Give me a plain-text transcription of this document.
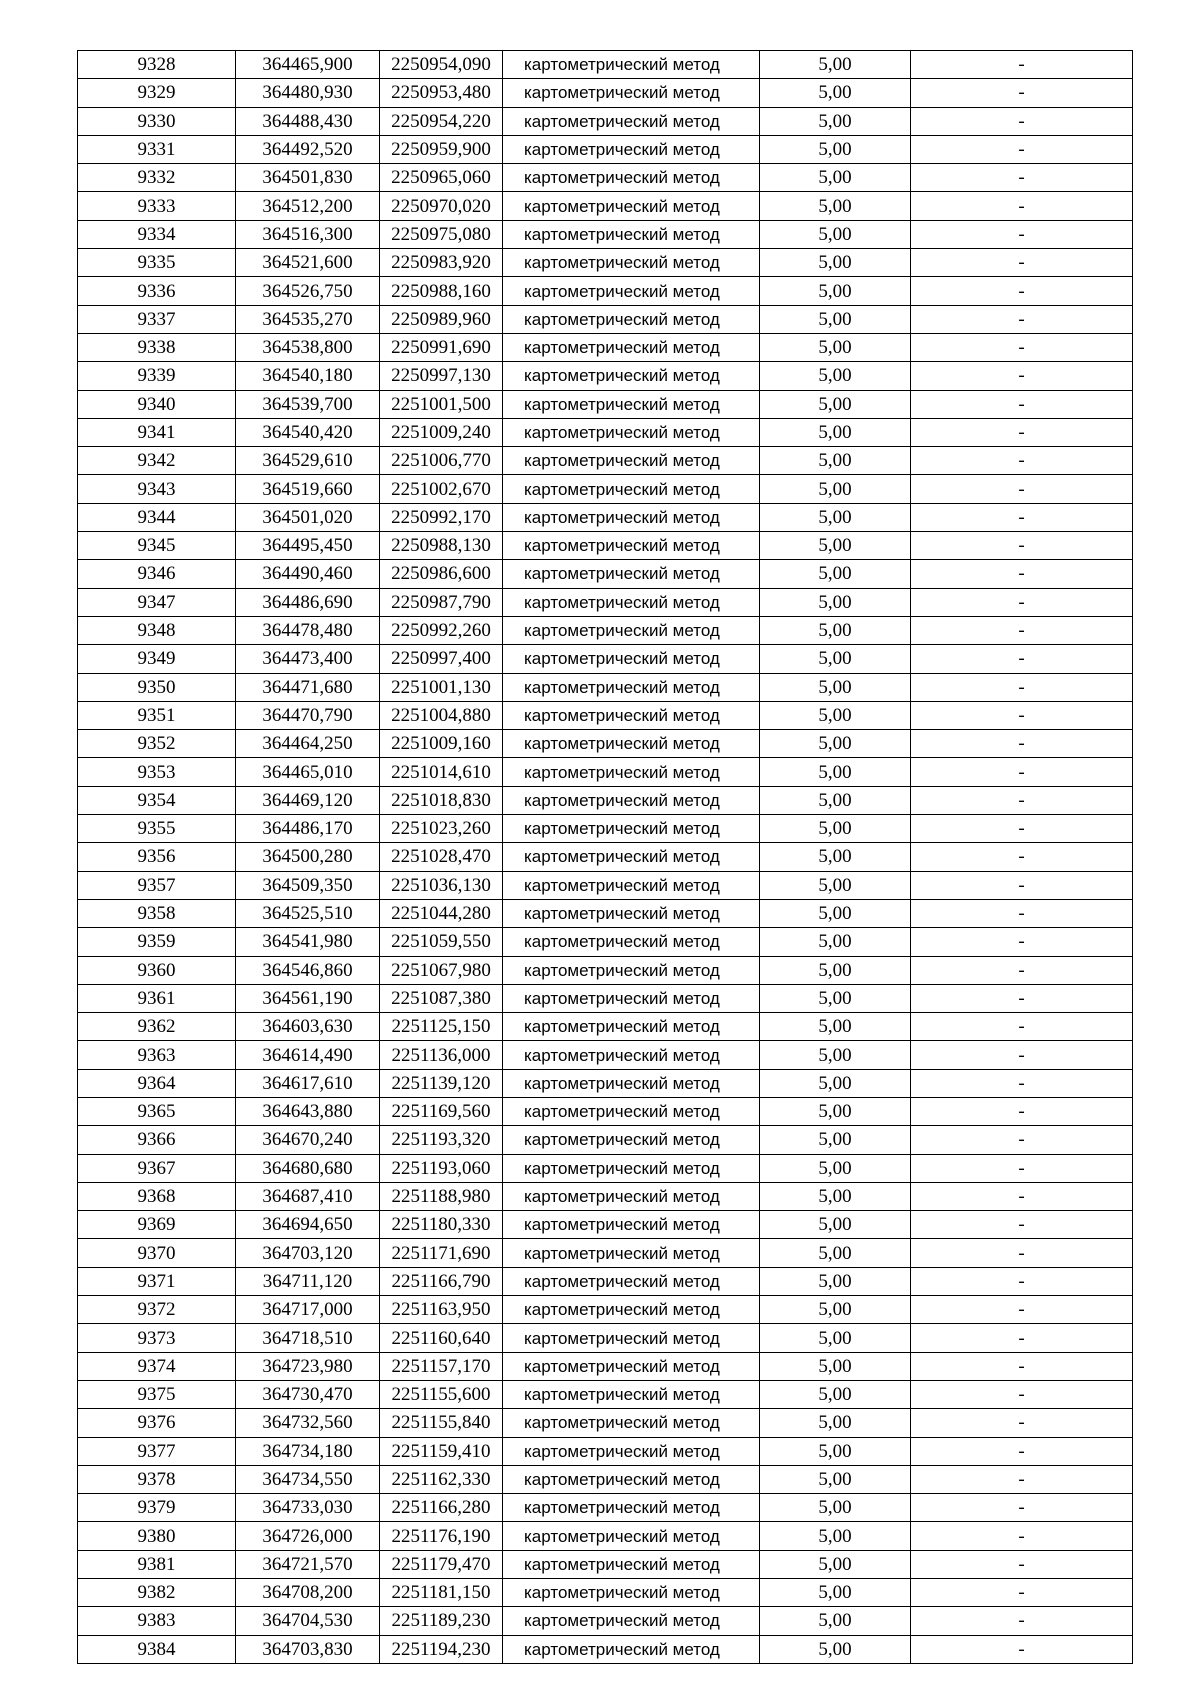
9328	364465,900	2250954,090	картометрический метод	5,00	-
9329	364480,930	2250953,480	картометрический метод	5,00	-
9330	364488,430	2250954,220	картометрический метод	5,00	-
9331	364492,520	2250959,900	картометрический метод	5,00	-
9332	364501,830	2250965,060	картометрический метод	5,00	-
9333	364512,200	2250970,020	картометрический метод	5,00	-
9334	364516,300	2250975,080	картометрический метод	5,00	-
9335	364521,600	2250983,920	картометрический метод	5,00	-
9336	364526,750	2250988,160	картометрический метод	5,00	-
9337	364535,270	2250989,960	картометрический метод	5,00	-
9338	364538,800	2250991,690	картометрический метод	5,00	-
9339	364540,180	2250997,130	картометрический метод	5,00	-
9340	364539,700	2251001,500	картометрический метод	5,00	-
9341	364540,420	2251009,240	картометрический метод	5,00	-
9342	364529,610	2251006,770	картометрический метод	5,00	-
9343	364519,660	2251002,670	картометрический метод	5,00	-
9344	364501,020	2250992,170	картометрический метод	5,00	-
9345	364495,450	2250988,130	картометрический метод	5,00	-
9346	364490,460	2250986,600	картометрический метод	5,00	-
9347	364486,690	2250987,790	картометрический метод	5,00	-
9348	364478,480	2250992,260	картометрический метод	5,00	-
9349	364473,400	2250997,400	картометрический метод	5,00	-
9350	364471,680	2251001,130	картометрический метод	5,00	-
9351	364470,790	2251004,880	картометрический метод	5,00	-
9352	364464,250	2251009,160	картометрический метод	5,00	-
9353	364465,010	2251014,610	картометрический метод	5,00	-
9354	364469,120	2251018,830	картометрический метод	5,00	-
9355	364486,170	2251023,260	картометрический метод	5,00	-
9356	364500,280	2251028,470	картометрический метод	5,00	-
9357	364509,350	2251036,130	картометрический метод	5,00	-
9358	364525,510	2251044,280	картометрический метод	5,00	-
9359	364541,980	2251059,550	картометрический метод	5,00	-
9360	364546,860	2251067,980	картометрический метод	5,00	-
9361	364561,190	2251087,380	картометрический метод	5,00	-
9362	364603,630	2251125,150	картометрический метод	5,00	-
9363	364614,490	2251136,000	картометрический метод	5,00	-
9364	364617,610	2251139,120	картометрический метод	5,00	-
9365	364643,880	2251169,560	картометрический метод	5,00	-
9366	364670,240	2251193,320	картометрический метод	5,00	-
9367	364680,680	2251193,060	картометрический метод	5,00	-
9368	364687,410	2251188,980	картометрический метод	5,00	-
9369	364694,650	2251180,330	картометрический метод	5,00	-
9370	364703,120	2251171,690	картометрический метод	5,00	-
9371	364711,120	2251166,790	картометрический метод	5,00	-
9372	364717,000	2251163,950	картометрический метод	5,00	-
9373	364718,510	2251160,640	картометрический метод	5,00	-
9374	364723,980	2251157,170	картометрический метод	5,00	-
9375	364730,470	2251155,600	картометрический метод	5,00	-
9376	364732,560	2251155,840	картометрический метод	5,00	-
9377	364734,180	2251159,410	картометрический метод	5,00	-
9378	364734,550	2251162,330	картометрический метод	5,00	-
9379	364733,030	2251166,280	картометрический метод	5,00	-
9380	364726,000	2251176,190	картометрический метод	5,00	-
9381	364721,570	2251179,470	картометрический метод	5,00	-
9382	364708,200	2251181,150	картометрический метод	5,00	-
9383	364704,530	2251189,230	картометрический метод	5,00	-
9384	364703,830	2251194,230	картометрический метод	5,00	-
